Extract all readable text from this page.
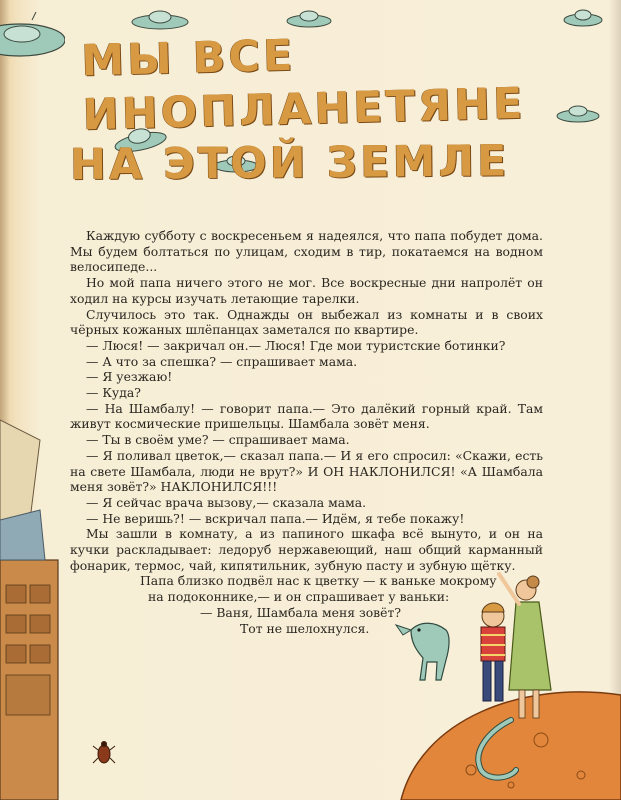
МЫ ВСЕ ИНОПЛАНЕТЯНЕ
НА ЭТОЙ ЗЕМЛЕ

Каждую субботу с воскресеньем я надеялся, что папа побудет дома. Мы будем болтаться по улицам, сходим в тир, покатаемся на водном велосипеде...

Но мой папа ничего этого не мог. Все воскресные дни напролёт он ходил на курсы изучать летающие тарелки.

Случилось это так. Однажды он выбежал из комнаты и в своих чёрных кожаных шлёпанцах заметался по квартире.

— Люся! — закричал он.— Люся! Где мои туристские ботинки?

— А что за спешка? — спрашивает мама.

— Я уезжаю!

— Куда?

— На Шамбалу! — говорит папа.— Это далёкий горный край. Там живут космические пришельцы. Шамбала зовёт меня.

— Ты в своём уме? — спрашивает мама.

— Я поливал цветок,— сказал папа.— И я его спросил: «Скажи, есть на свете Шамбала, люди не врут?» И ОН НАКЛОНИЛСЯ! «А Шамбала меня зовёт?» НАКЛОНИЛСЯ!!!

— Я сейчас врача вызову,— сказала мама.

— Не веришь?! — вскричал папа.— Идём, я тебе покажу!

Мы зашли в комнату, а из папиного шкафа всё вынуто, и он на кучки раскладывает: ледоруб нержавеющий, наш общий карманный фонарик, термос, чай, кипятильник, зубную пасту и зубную щётку.

Папа близко подвёл нас к цветку — к ваньке мокрому

на подоконнике,— и он спрашивает у ваньки:

— Ваня, Шамбала меня зовёт?

Тот не шелохнулся.
